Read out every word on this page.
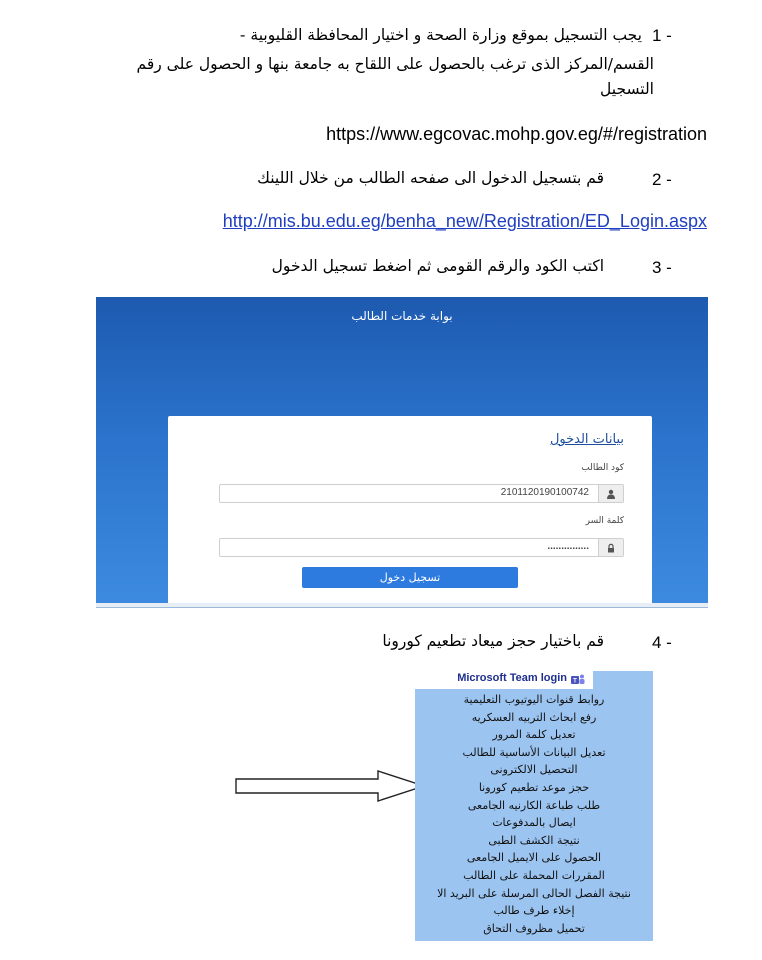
1 -
يجب التسجيل بموقع وزارة الصحة و اختيار المحافظة القليوبية -
القسم/المركز الذى ترغب بالحصول على اللقاح به جامعة بنها و الحصول على رقم
التسجيل
https://www.egcovac.mohp.gov.eg/#/registration
2 -
قم بتسجيل الدخول الى صفحه الطالب من خلال اللينك
http://mis.bu.edu.eg/benha_new/Registration/ED_Login.aspx
3 -
اكتب الكود والرقم القومى ثم اضغط تسجيل الدخول
بوابة خدمات الطالب
بيانات الدخول
كود الطالب
2101120190100742
كلمة السر
...............
تسجيل دخول
4 -
قم باختيار حجز ميعاد تطعيم كورونا
Microsoft Team login T
روابط قنوات اليوتيوب التعليمية
رفع ابحاث التربيه العسكريه
تعديل كلمة المرور
تعديل البيانات الأساسية للطالب
التحصيل الالكترونى
حجز موعد تطعيم كورونا
طلب طباعة الكارنيه الجامعى
ايصال بالمدفوعات
نتيجة الكشف الطبى
الحصول على الايميل الجامعى
المقررات المحملة على الطالب
نتيجة الفصل الحالى المرسلة على البريد الا
إخلاء طرف طالب
تحميل مظروف التحاق
